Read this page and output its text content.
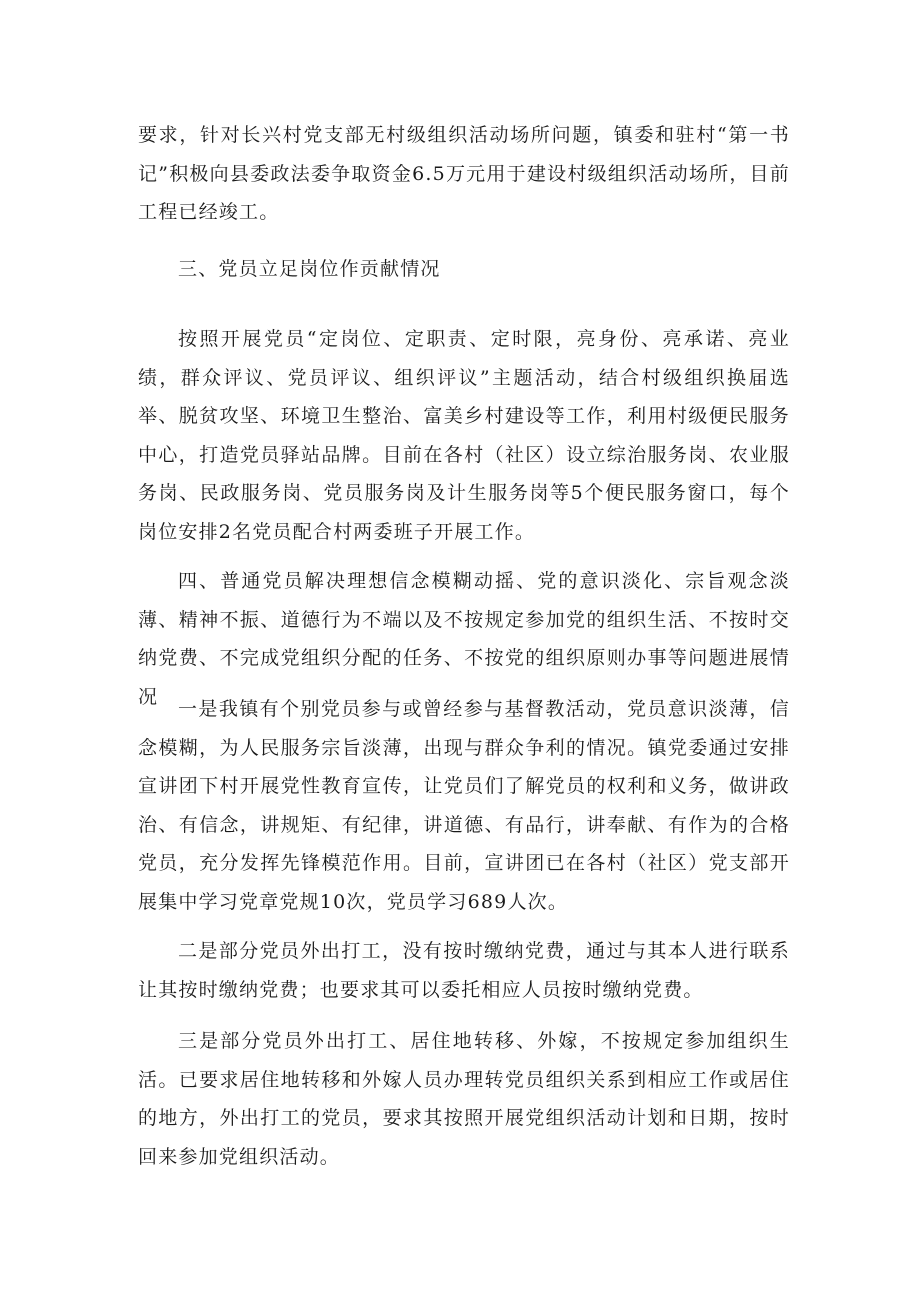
要求，针对长兴村党支部无村级组织活动场所问题，镇委和驻村“第一书记”积极向县委政法委争取资金6.5万元用于建设村级组织活动场所，目前工程已经竣工。

三、党员立足岗位作贡献情况

按照开展党员“定岗位、定职责、定时限，亮身份、亮承诺、亮业绩，群众评议、党员评议、组织评议”主题活动，结合村级组织换届选举、脱贫攻坚、环境卫生整治、富美乡村建设等工作，利用村级便民服务中心，打造党员驿站品牌。目前在各村（社区）设立综治服务岗、农业服务岗、民政服务岗、党员服务岗及计生服务岗等5个便民服务窗口，每个岗位安排2名党员配合村两委班子开展工作。

四、普通党员解决理想信念模糊动摇、党的意识淡化、宗旨观念淡薄、精神不振、道德行为不端以及不按规定参加党的组织生活、不按时交纳党费、不完成党组织分配的任务、不按党的组织原则办事等问题进展情况

一是我镇有个别党员参与或曾经参与基督教活动，党员意识淡薄，信念模糊，为人民服务宗旨淡薄，出现与群众争利的情况。镇党委通过安排宣讲团下村开展党性教育宣传，让党员们了解党员的权利和义务，做讲政治、有信念，讲规矩、有纪律，讲道德、有品行，讲奉献、有作为的合格党员，充分发挥先锋模范作用。目前，宣讲团已在各村（社区）党支部开展集中学习党章党规10次，党员学习689人次。

二是部分党员外出打工，没有按时缴纳党费，通过与其本人进行联系让其按时缴纳党费；也要求其可以委托相应人员按时缴纳党费。

三是部分党员外出打工、居住地转移、外嫁，不按规定参加组织生活。已要求居住地转移和外嫁人员办理转党员组织关系到相应工作或居住的地方，外出打工的党员，要求其按照开展党组织活动计划和日期，按时回来参加党组织活动。
